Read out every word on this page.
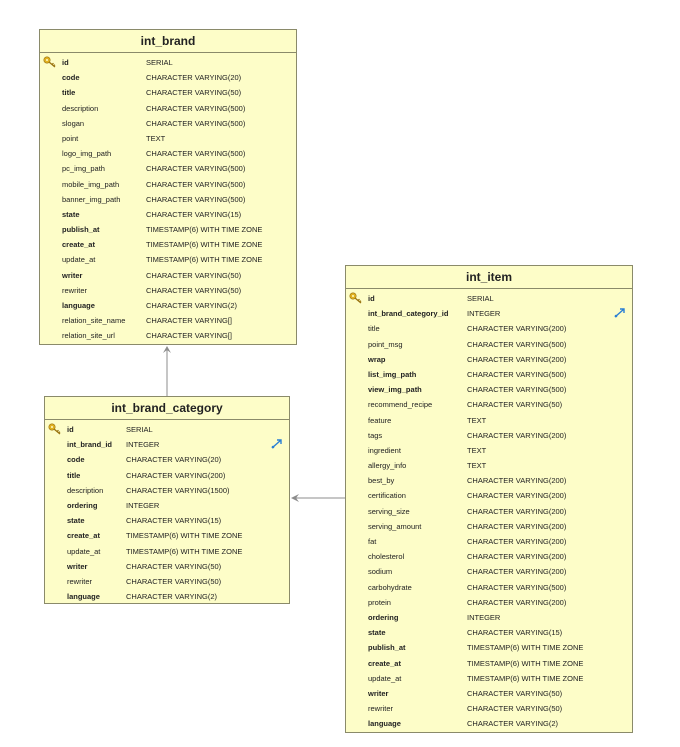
int_brand
id	SERIAL
code	CHARACTER VARYING(20)
title	CHARACTER VARYING(50)
description	CHARACTER VARYING(500)
slogan	CHARACTER VARYING(500)
point	TEXT
logo_img_path	CHARACTER VARYING(500)
pc_img_path	CHARACTER VARYING(500)
mobile_img_path	CHARACTER VARYING(500)
banner_img_path	CHARACTER VARYING(500)
state	CHARACTER VARYING(15)
publish_at	TIMESTAMP(6) WITH TIME ZONE
create_at	TIMESTAMP(6) WITH TIME ZONE
update_at	TIMESTAMP(6) WITH TIME ZONE
writer	CHARACTER VARYING(50)
rewriter	CHARACTER VARYING(50)
language	CHARACTER VARYING(2)
relation_site_name	CHARACTER VARYING[]
relation_site_url	CHARACTER VARYING[]
int_brand_category
id	SERIAL
int_brand_id INTEGER
code	CHARACTER VARYING(20)
title	CHARACTER VARYING(200)
description	CHARACTER VARYING(1500)
ordering	INTEGER
state	CHARACTER VARYING(15)
create_at	TIMESTAMP(6) WITH TIME ZONE
update_at	TIMESTAMP(6) WITH TIME ZONE
writer	CHARACTER VARYING(50)
rewriter	CHARACTER VARYING(50)
language	CHARACTER VARYING(2)
int_item
id	SERIAL
int_brand_category_id INTEGER
title	CHARACTER VARYING(200)
point_msg	CHARACTER VARYING(500)
wrap	CHARACTER VARYING(200)
list_img_path	CHARACTER VARYING(500)
view_img_path	CHARACTER VARYING(500)
recommend_recipe	CHARACTER VARYING(50)
feature	TEXT
tags	CHARACTER VARYING(200)
ingredient	TEXT
allergy_info	TEXT
best_by	CHARACTER VARYING(200)
certification	CHARACTER VARYING(200)
serving_size	CHARACTER VARYING(200)
serving_amount	CHARACTER VARYING(200)
fat	CHARACTER VARYING(200)
cholesterol	CHARACTER VARYING(200)
sodium	CHARACTER VARYING(200)
carbohydrate	CHARACTER VARYING(500)
protein	CHARACTER VARYING(200)
ordering	INTEGER
state	CHARACTER VARYING(15)
publish_at	TIMESTAMP(6) WITH TIME ZONE
create_at	TIMESTAMP(6) WITH TIME ZONE
update_at	TIMESTAMP(6) WITH TIME ZONE
writer	CHARACTER VARYING(50)
rewriter	CHARACTER VARYING(50)
language	CHARACTER VARYING(2)
